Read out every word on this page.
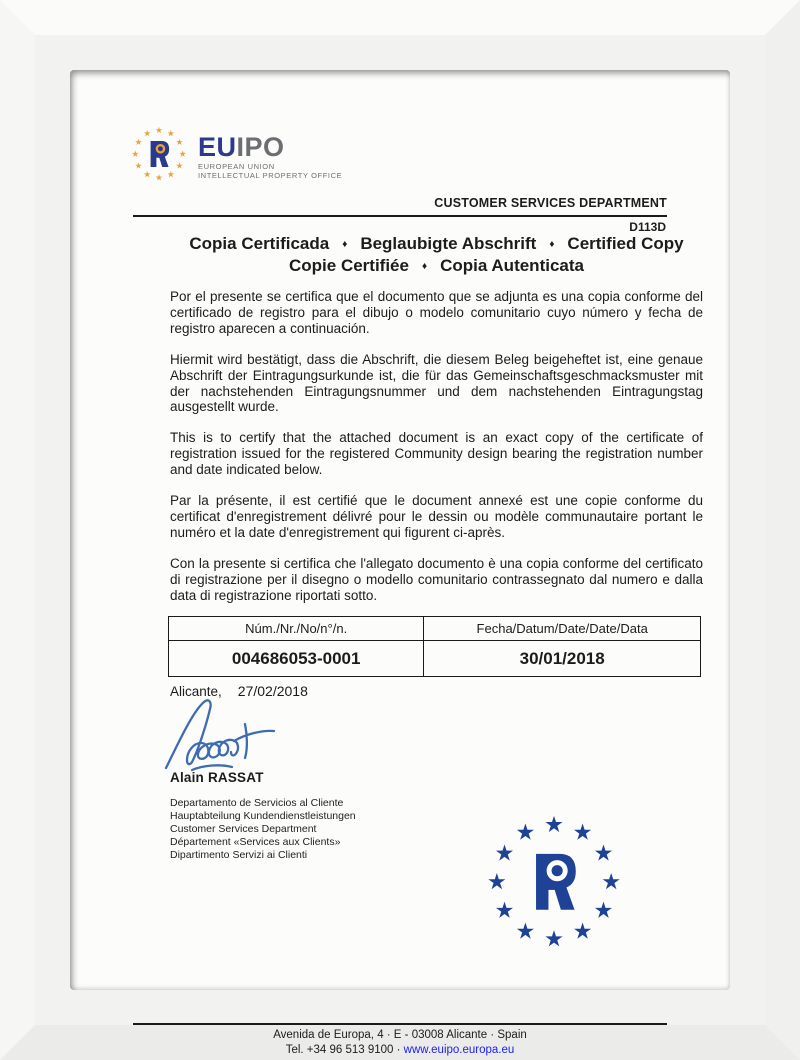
EUIPO
EUROPEAN UNION
INTELLECTUAL PROPERTY OFFICE
CUSTOMER SERVICES DEPARTMENT
D113D
Copia Certificada ♦ Beglaubigte Abschrift ♦ Certified Copy
Copie Certifiée ♦ Copia Autenticata

Por el presente se certifica que el documento que se adjunta es una copia conforme del certificado de registro para el dibujo o modelo comunitario cuyo número y fecha de registro aparecen a continuación.

Hiermit wird bestätigt, dass die Abschrift, die diesem Beleg beigeheftet ist, eine genaue Abschrift der Eintragungsurkunde ist, die für das Gemeinschaftsgeschmacksmuster mit der nachstehenden Eintragungsnummer und dem nachstehenden Eintragungstag ausgestellt wurde.

This is to certify that the attached document is an exact copy of the certificate of registration issued for the registered Community design bearing the registration number and date indicated below.

Par la présente, il est certifié que le document annexé est une copie conforme du certificat d'enregistrement délivré pour le dessin ou modèle communautaire portant le numéro et la date d'enregistrement qui figurent ci-après.

Con la presente si certifica che l'allegato documento è una copia conforme del certificato di registrazione per il disegno o modello comunitario contrassegnato dal numero e dalla data di registrazione riportati sotto.

Núm./Nr./No/n°/n.	Fecha/Datum/Date/Date/Data
004686053-0001	30/01/2018
Alicante, 27/02/2018
Alain RASSAT
Departamento de Servicios al Cliente
Hauptabteilung Kundendienstleistungen
Customer Services Department
Département «Services aux Clients»
Dipartimento Servizi ai Clienti
Avenida de Europa, 4 · E - 03008 Alicante · Spain
Tel. +34 96 513 9100 · www.euipo.europa.eu
